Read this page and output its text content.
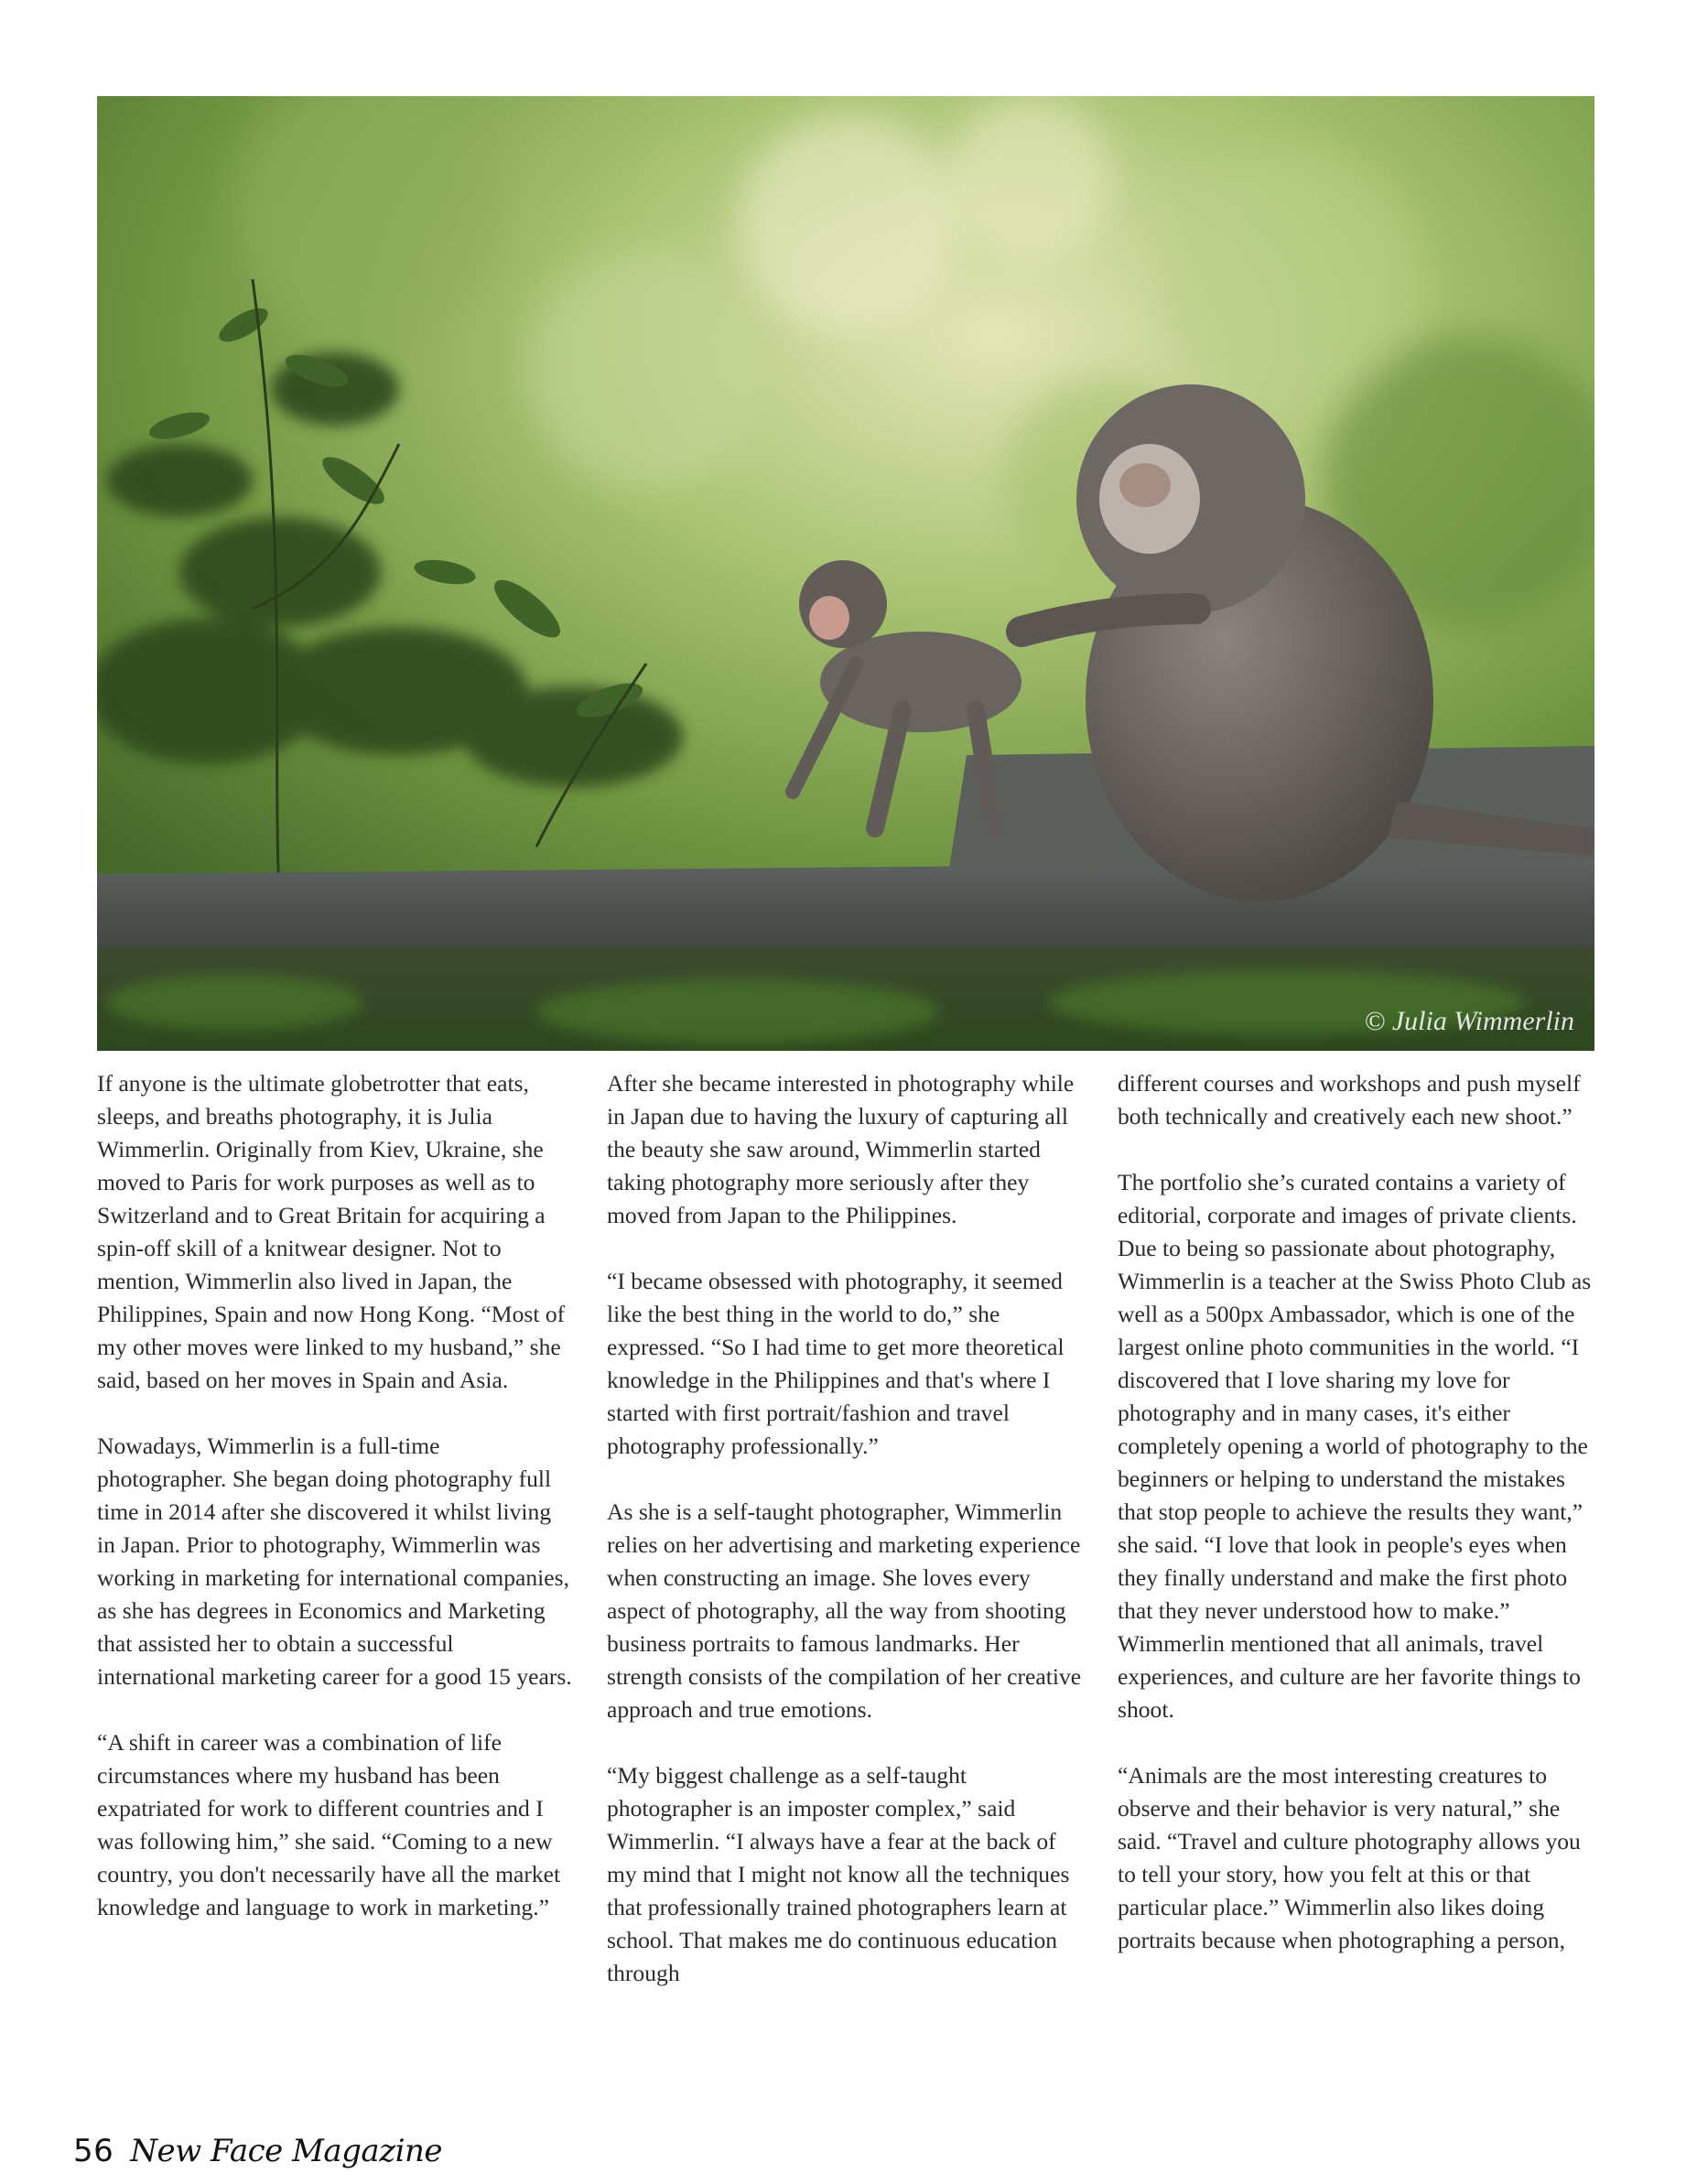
© Julia Wimmerlin

If anyone is the ultimate globetrotter that eats, sleeps, and breaths photography, it is Julia Wimmerlin. Originally from Kiev, Ukraine, she moved to Paris for work purposes as well as to Switzerland and to Great Britain for acquiring a spin-off skill of a knitwear designer. Not to mention, Wimmerlin also lived in Japan, the Philippines, Spain and now Hong Kong. “Most of my other moves were linked to my husband,” she said, based on her moves in Spain and Asia.

Nowadays, Wimmerlin is a full-time photographer. She began doing photography full time in 2014 after she discovered it whilst living in Japan. Prior to photography, Wimmerlin was working in marketing for international companies, as she has degrees in Economics and Marketing that assisted her to obtain a successful international marketing career for a good 15 years.

“A shift in career was a combination of life circumstances where my husband has been expatriated for work to different countries and I was following him,” she said. “Coming to a new country, you don't necessarily have all the market knowledge and language to work in marketing.”

After she became interested in photography while in Japan due to having the luxury of capturing all the beauty she saw around, Wimmerlin started taking photography more seriously after they moved from Japan to the Philippines.

“I became obsessed with photography, it seemed like the best thing in the world to do,” she expressed. “So I had time to get more theoretical knowledge in the Philippines and that's where I started with first portrait/fashion and travel photography professionally.”

As she is a self-taught photographer, Wimmerlin relies on her advertising and marketing experience when constructing an image. She loves every aspect of photography, all the way from shooting business portraits to famous landmarks. Her strength consists of the compilation of her creative approach and true emotions.

“My biggest challenge as a self-taught photographer is an imposter complex,” said Wimmerlin. “I always have a fear at the back of my mind that I might not know all the techniques that professionally trained photographers learn at school. That makes me do continuous education through

different courses and workshops and push myself both technically and creatively each new shoot.”

The portfolio she’s curated contains a variety of editorial, corporate and images of private clients. Due to being so passionate about photography, Wimmerlin is a teacher at the Swiss Photo Club as well as a 500px Ambassador, which is one of the largest online photo communities in the world. “I discovered that I love sharing my love for photography and in many cases, it's either completely opening a world of photography to the beginners or helping to understand the mistakes that stop people to achieve the results they want,” she said. “I love that look in people's eyes when they finally understand and make the first photo that they never understood how to make.” Wimmerlin mentioned that all animals, travel experiences, and culture are her favorite things to shoot.

“Animals are the most interesting creatures to observe and their behavior is very natural,” she said. “Travel and culture photography allows you to tell your story, how you felt at this or that particular place.” Wimmerlin also likes doing portraits because when photographing a person,

56 New Face Magazine
